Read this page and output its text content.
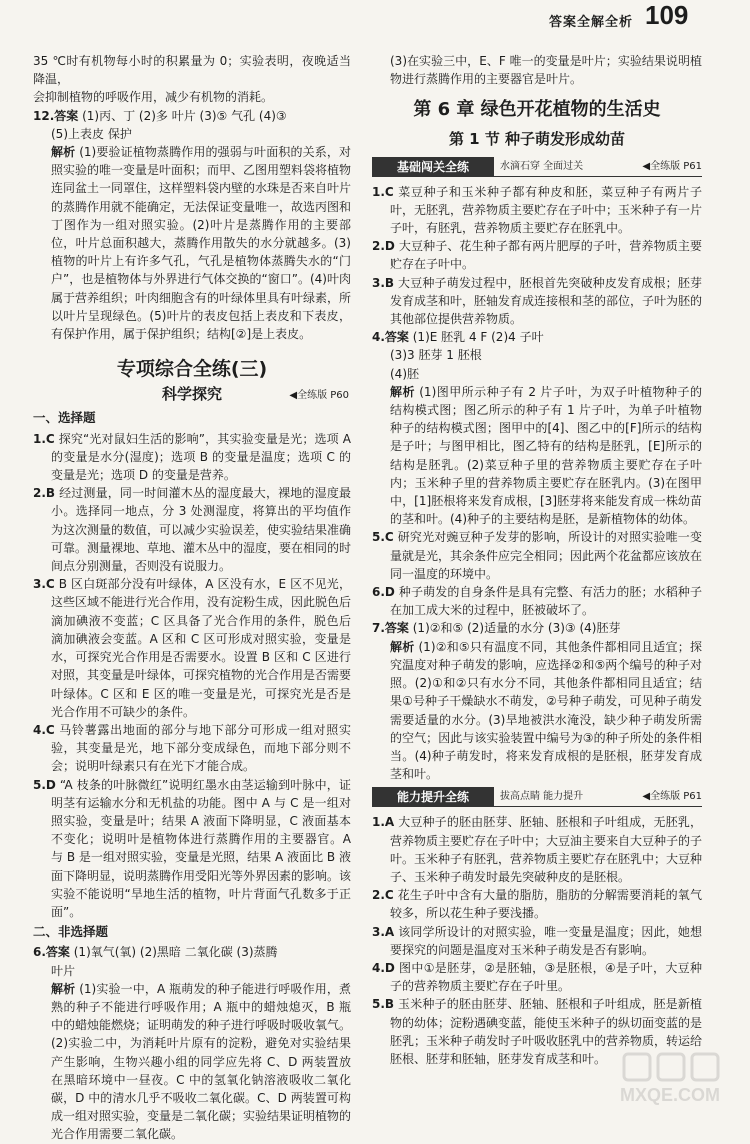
答案全解全析 109

35 ℃时有机物每小时的积累量为 0；实验表明，夜晚适当降温，

会抑制植物的呼吸作用，减少有机物的消耗。

12.答案 (1)丙、丁 (2)多 叶片 (3)⑤ 气孔 (4)③

(5)上表皮 保护

解析 (1)要验证植物蒸腾作用的强弱与叶面积的关系，对照实验的唯一变量是叶面积；而甲、乙图用塑料袋将植物连同盆土一同罩住，这样塑料袋内壁的水珠是否来自叶片的蒸腾作用就不能确定，无法保证变量唯一，故选丙图和丁图作为一组对照实验。(2)叶片是蒸腾作用的主要部位，叶片总面积越大，蒸腾作用散失的水分就越多。(3)植物的叶片上有许多气孔，气孔是植物体蒸腾失水的“门户”，也是植物体与外界进行气体交换的“窗口”。(4)叶肉属于营养组织；叶肉细胞含有的叶绿体里具有叶绿素，所以叶片呈现绿色。(5)叶片的表皮包括上表皮和下表皮，有保护作用，属于保护组织；结构[②]是上表皮。

专项综合全练(三)
科学探究	◀全练版 P60
一、选择题

1.C 探究“光对鼠妇生活的影响”，其实验变量是光；选项 A 的变量是水分(湿度)；选项 B 的变量是温度；选项 C 的变量是光；选项 D 的变量是营养。

2.B 经过测量，同一时间灌木丛的湿度最大，裸地的湿度最小。选择同一地点，分 3 处测湿度，将算出的平均值作为这次测量的数值，可以减少实验误差，使实验结果准确可靠。测量裸地、草地、灌木丛中的湿度，要在相同的时间点分别测量，否则没有说服力。

3.C B 区白斑部分没有叶绿体，A 区没有水，E 区不见光，这些区域不能进行光合作用，没有淀粉生成，因此脱色后滴加碘液不变蓝；C 区具备了光合作用的条件，脱色后滴加碘液会变蓝。A 区和 C 区可形成对照实验，变量是水，可探究光合作用是否需要水。设置 B 区和 C 区进行对照，其变量是叶绿体，可探究植物的光合作用是否需要叶绿体。C 区和 E 区的唯一变量是光，可探究光是否是光合作用不可缺少的条件。

4.C 马铃薯露出地面的部分与地下部分可形成一组对照实验，其变量是光，地下部分变成绿色，而地下部分则不会；说明叶绿素只有在光下才能合成。

5.D “A 枝条的叶脉微红”说明红墨水由茎运输到叶脉中，证明茎有运输水分和无机盐的功能。图中 A 与 C 是一组对照实验，变量是叶；结果 A 液面下降明显，C 液面基本不变化；说明叶是植物体进行蒸腾作用的主要器官。A 与 B 是一组对照实验，变量是光照，结果 A 液面比 B 液面下降明显，说明蒸腾作用受阳光等外界因素的影响。该实验不能说明“旱地生活的植物，叶片背面气孔数多于正面”。

二、非选择题

6.答案 (1)氧气(氧) (2)黑暗 二氧化碳 (3)蒸腾

叶片

解析 (1)实验一中，A 瓶萌发的种子能进行呼吸作用，煮熟的种子不能进行呼吸作用；A 瓶中的蜡烛熄灭，B 瓶中的蜡烛能燃烧；证明萌发的种子进行呼吸时吸收氧气。(2)实验二中，为消耗叶片原有的淀粉，避免对实验结果产生影响，生物兴趣小组的同学应先将 C、D 两装置放在黑暗环境中一昼夜。C 中的氢氧化钠溶液吸收二氧化碳，D 中的清水几乎不吸收二氧化碳。C、D 两装置可构成一组对照实验，变量是二氧化碳；实验结果证明植物的光合作用需要二氧化碳。

(3)在实验三中，E、F 唯一的变量是叶片；实验结果说明植物进行蒸腾作用的主要器官是叶片。

第 6 章 绿色开花植物的生活史
第 1 节 种子萌发形成幼苗
基础闯关全练	水滴石穿 全面过关	◀全练版 P61

1.C 菜豆种子和玉米种子都有种皮和胚，菜豆种子有两片子叶，无胚乳，营养物质主要贮存在子叶中；玉米种子有一片子叶，有胚乳，营养物质主要贮存在胚乳中。

2.D 大豆种子、花生种子都有两片肥厚的子叶，营养物质主要贮存在子叶中。

3.B 大豆种子萌发过程中，胚根首先突破种皮发育成根；胚芽发育成茎和叶，胚轴发育成连接根和茎的部位，子叶为胚的其他部位提供营养物质。

4.答案 (1)E 胚乳 4 F (2)4 子叶

(3)3 胚芽 1 胚根

(4)胚

解析 (1)图甲所示种子有 2 片子叶，为双子叶植物种子的结构模式图；图乙所示的种子有 1 片子叶，为单子叶植物种子的结构模式图；图甲中的[4]、图乙中的[F]所示的结构是子叶；与图甲相比，图乙特有的结构是胚乳，[E]所示的结构是胚乳。(2)菜豆种子里的营养物质主要贮存在子叶内；玉米种子里的营养物质主要贮存在胚乳内。(3)在图甲中，[1]胚根将来发育成根，[3]胚芽将来能发育成一株幼苗的茎和叶。(4)种子的主要结构是胚，是新植物体的幼体。

5.C 研究光对豌豆种子发芽的影响，所设计的对照实验唯一变量就是光，其余条件应完全相同；因此两个花盆都应该放在同一温度的环境中。

6.D 种子萌发的自身条件是具有完整、有活力的胚；水稻种子在加工成大米的过程中，胚被破坏了。

7.答案 (1)②和⑤ (2)适量的水分 (3)③ (4)胚芽

解析 (1)②和⑤只有温度不同，其他条件都相同且适宜；探究温度对种子萌发的影响，应选择②和⑤两个编号的种子对照。(2)①和②只有水分不同，其他条件都相同且适宜；结果①号种子干燥缺水不萌发，②号种子萌发，可见种子萌发需要适量的水分。(3)旱地被洪水淹没，缺少种子萌发所需的空气；因此与该实验装置中编号为③的种子所处的条件相当。(4)种子萌发时，将来发育成根的是胚根，胚芽发育成茎和叶。

能力提升全练	拔高点睛 能力提升	◀全练版 P61

1.A 大豆种子的胚由胚芽、胚轴、胚根和子叶组成，无胚乳，营养物质主要贮存在子叶中；大豆油主要来自大豆种子的子叶。玉米种子有胚乳，营养物质主要贮存在胚乳中；大豆种子、玉米种子萌发时最先突破种皮的是胚根。

2.C 花生子叶中含有大量的脂肪，脂肪的分解需要消耗的氧气较多，所以花生种子要浅播。

3.A 该同学所设计的对照实验，唯一变量是温度；因此，她想要探究的问题是温度对玉米种子萌发是否有影响。

4.D 图中①是胚芽，②是胚轴，③是胚根，④是子叶，大豆种子的营养物质主要贮存在子叶里。

5.B 玉米种子的胚由胚芽、胚轴、胚根和子叶组成，胚是新植物的幼体；淀粉遇碘变蓝，能使玉米种子的纵切面变蓝的是胚乳；玉米种子萌发时子叶吸收胚乳中的营养物质，转运给胚根、胚芽和胚轴，胚芽发育成茎和叶。

MXQE.COM
